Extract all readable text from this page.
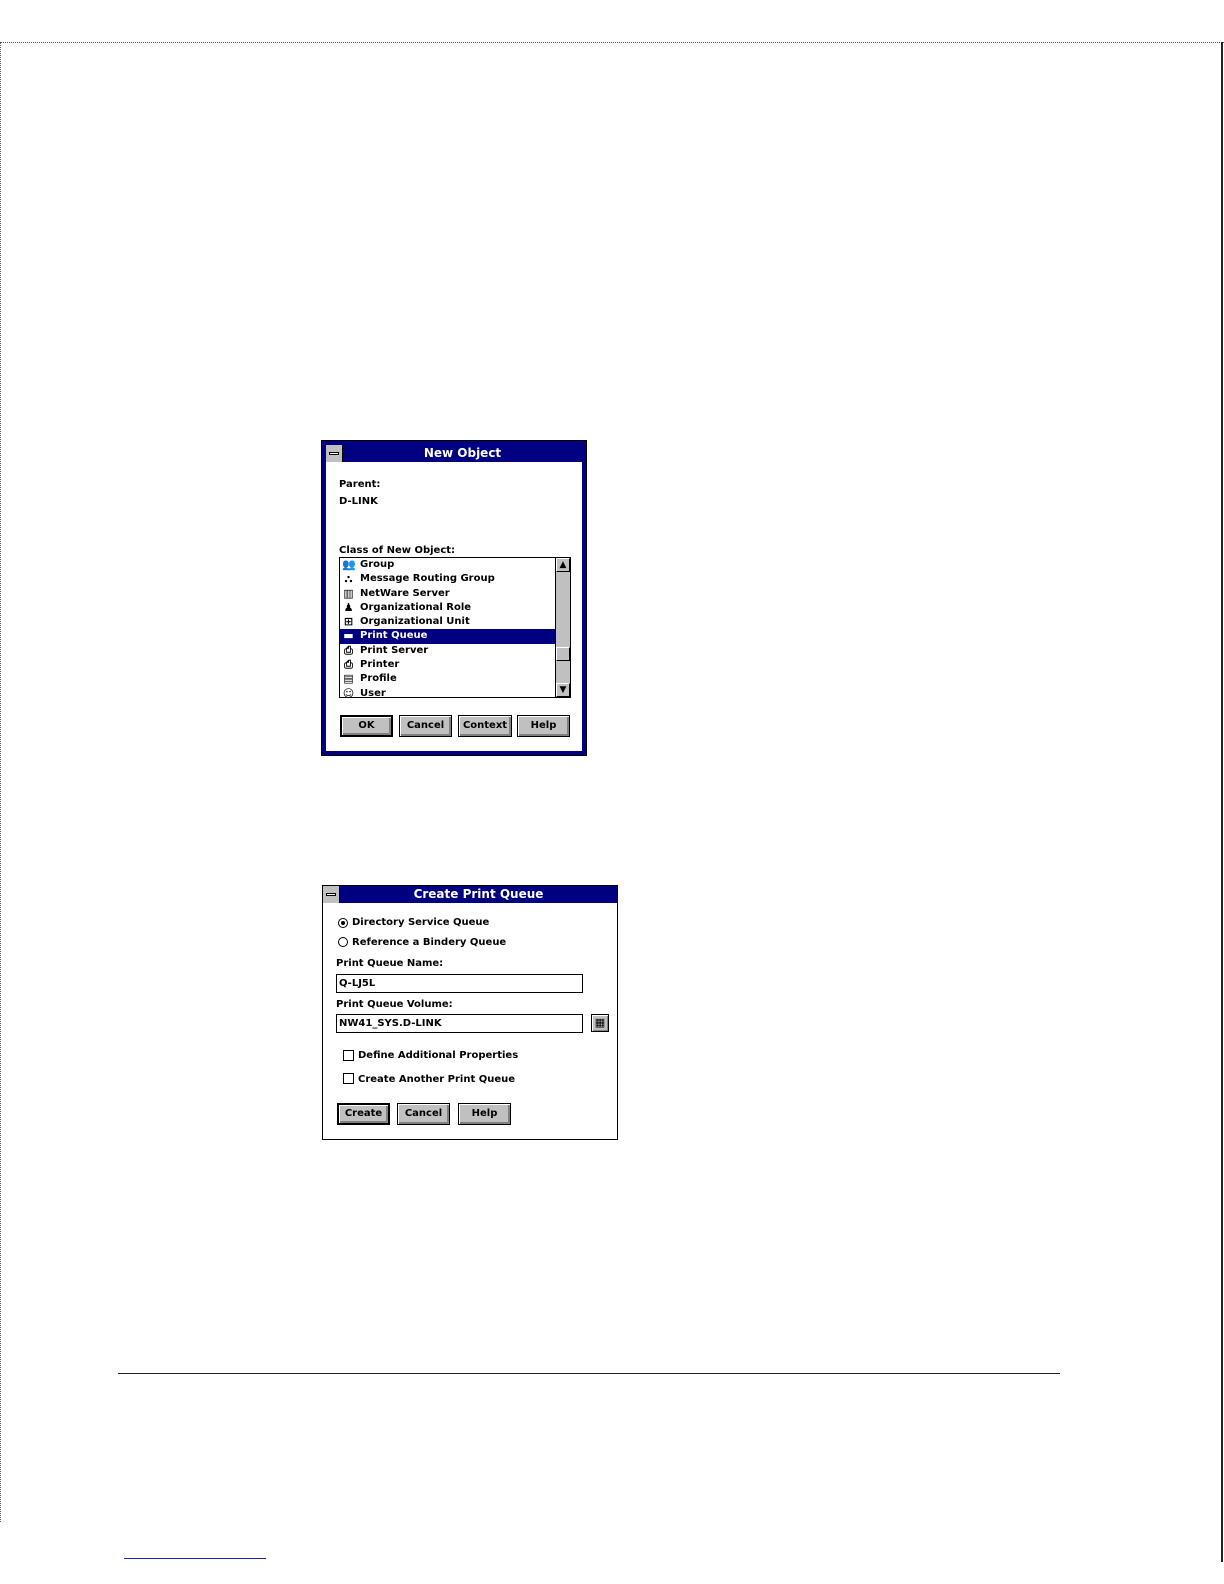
New Object
Parent:
D-LINK
Class of New Object:
👥 Group
⛬ Message Routing Group
▥ NetWare Server
♟ Organizational Role
⊞ Organizational Unit
▬ Print Queue
⎙ Print Server
⎙ Printer
▤ Profile
☺ User
▲
▼
OK	Cancel	Context	Help
Create Print Queue
Directory Service Queue
Reference a Bindery Queue
Print Queue Name:
Q-LJ5L
Print Queue Volume:
NW41_SYS.D-LINK	▦
Define Additional Properties
Create Another Print Queue
Create	Cancel	Help
